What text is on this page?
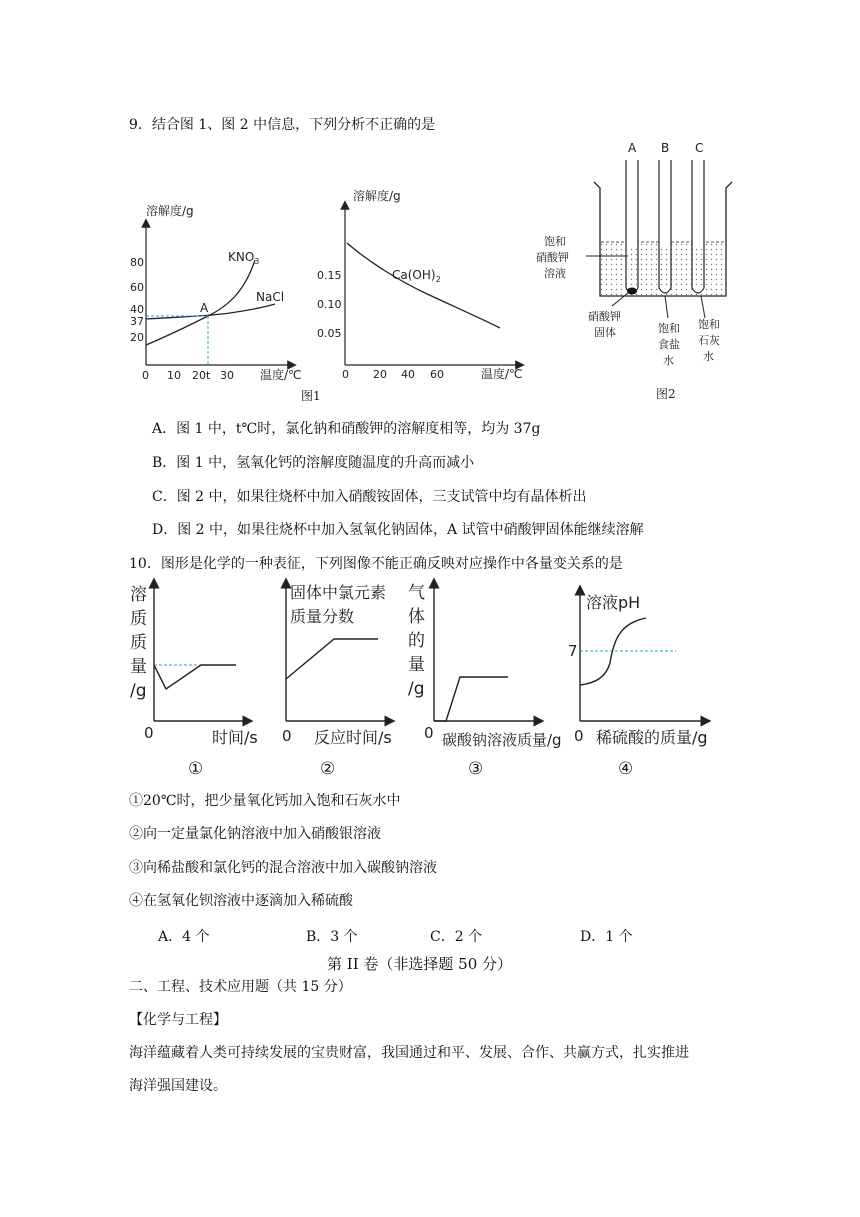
9．结合图 1、图 2 中信息，下列分析不正确的是
溶解度/g
80
60
40
37
20
0 10 20 t 30 温度/℃
$KNO_3$
NaCl
A
溶解度/g
0.15
0.10
0.05
0 20 40 60	温度/℃
$Ca(OH)_2$
图1
A B C
饱和
硝酸钾
溶液
硝酸钾
固体	饱和
食盐
水
饱和
石灰
水
图2
A．图 1 中，t℃时，氯化钠和硝酸钾的溶解度相等，均为 37g
B．图 1 中，氢氧化钙的溶解度随温度的升高而减小
C．图 2 中，如果往烧杯中加入硝酸铵固体，三支试管中均有晶体析出
D．图 2 中，如果往烧杯中加入氢氧化钠固体，A 试管中硝酸钾固体能继续溶解
10．图形是化学的一种表征，下列图像不能正确反映对应操作中各量变关系的是
溶
质
质
量
/g
0	时间/s
①
固体中氯元素
质量分数
0 反应时间/s
②
气
体
的
量
/g
0 碳酸钠溶液质量/g
③
溶液pH
7
0 稀硫酸的质量/g
④
①20℃时，把少量氧化钙加入饱和石灰水中
②向一定量氯化钠溶液中加入硝酸银溶液
③向稀盐酸和氯化钙的混合溶液中加入碳酸钠溶液
④在氢氧化钡溶液中逐滴加入稀硫酸
A．4 个	B．3 个	C．2 个	D．1 个
第 II 卷（非选择题 50 分）
二、工程、技术应用题（共 15 分）
【化学与工程】
海洋蕴藏着人类可持续发展的宝贵财富，我国通过和平、发展、合作、共赢方式，扎实推进
海洋强国建设。
